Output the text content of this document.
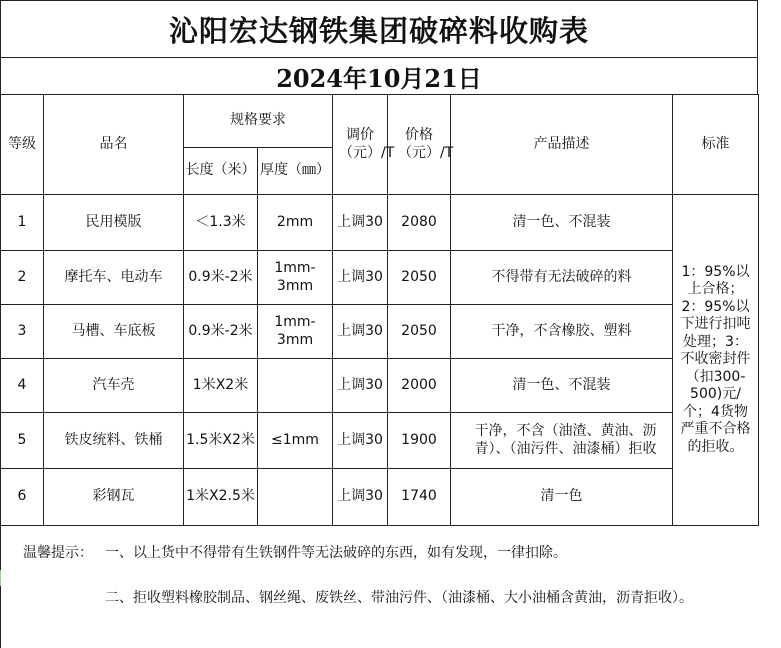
沁阳宏达钢铁集团破碎料收购表
2024年10月21日
等级	品名	规格要求		调价（元）/T	价格（元）/T	产品描述	标准
		长度（米）	厚度（㎜）				
1	民用模版	＜1.3米	2mm	上调30	2080	清一色、不混装	1：95%以上合格；2：95%以下进行扣吨处理；3：不收密封件（扣300-500)元/个；4货物严重不合格的拒收。
2	摩托车、电动车	0.9米-2米	1mm-3mm	上调30	2050	不得带有无法破碎的料	
3	马槽、车底板	0.9米-2米	1mm-3mm	上调30	2050	干净，不含橡胶、塑料	
4	汽车壳	1米X2米		上调30	2000	清一色、不混装	
5	铁皮统料、铁桶	1.5米X2米	≤1mm	上调30	1900	干净，不含（油渣、黄油、沥青）、（油污件、油漆桶）拒收	
6	彩钢瓦	1米X2.5米		上调30	1740	清一色	
温馨提示： 一、以上货中不得带有生铁钢件等无法破碎的东西，如有发现，一律扣除。
二、拒收塑料橡胶制品、钢丝绳、废铁丝、带油污件、（油漆桶、大小油桶含黄油，沥青拒收）。
